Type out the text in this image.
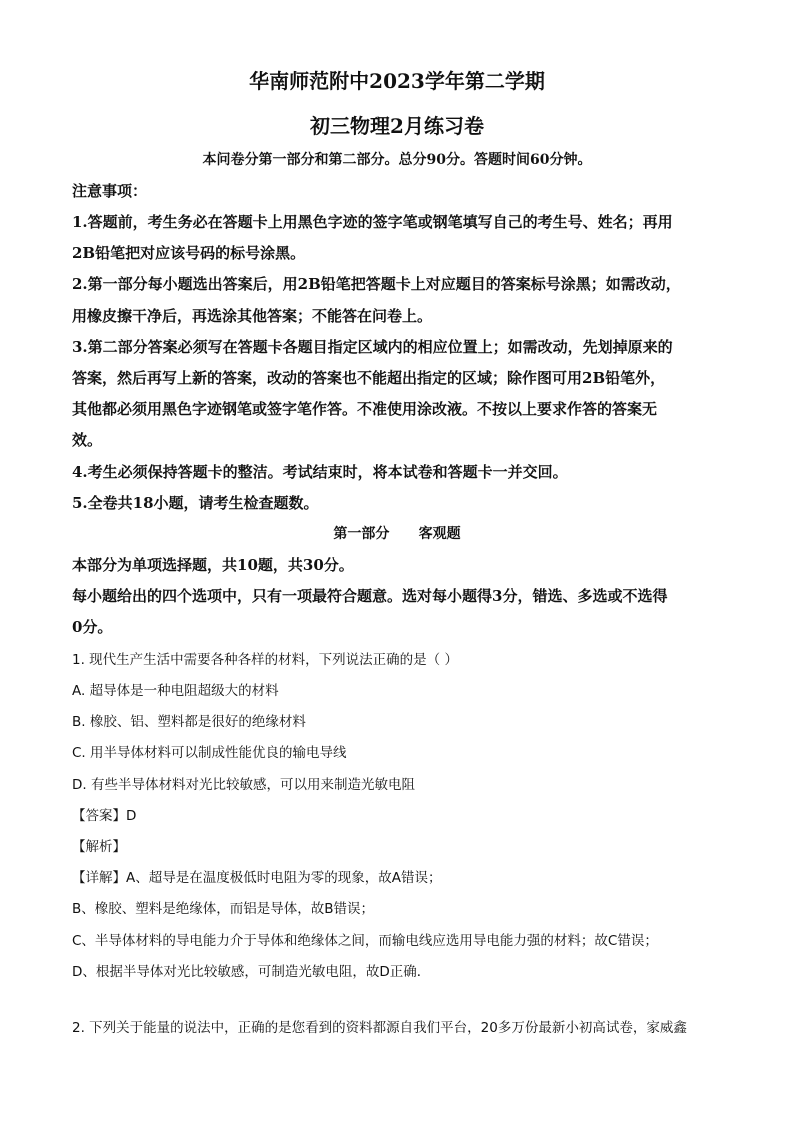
华南师范附中2023学年第二学期
初三物理2月练习卷
本问卷分第一部分和第二部分。总分90分。答题时间60分钟。
注意事项：
1.答题前，考生务必在答题卡上用黑色字迹的签字笔或钢笔填写自己的考生号、姓名；再用
2B铅笔把对应该号码的标号涂黑。
2.第一部分每小题选出答案后，用2B铅笔把答题卡上对应题目的答案标号涂黑；如需改动，
用橡皮擦干净后，再选涂其他答案；不能答在问卷上。
3.第二部分答案必须写在答题卡各题目指定区域内的相应位置上；如需改动，先划掉原来的
答案，然后再写上新的答案，改动的答案也不能超出指定的区域；除作图可用2B铅笔外，
其他都必须用黑色字迹钢笔或签字笔作答。不准使用涂改液。不按以上要求作答的答案无
效。
4.考生必须保持答题卡的整洁。考试结束时，将本试卷和答题卡一并交回。
5.全卷共18小题，请考生检查题数。
第一部分      客观题
本部分为单项选择题，共10题，共30分。
每小题给出的四个选项中，只有一项最符合题意。选对每小题得3分，错选、多选或不选得
0分。
1. 现代生产生活中需要各种各样的材料，下列说法正确的是（ ）
A. 超导体是一种电阻超级大的材料
B. 橡胶、铝、塑料都是很好的绝缘材料
C. 用半导体材料可以制成性能优良的输电导线
D. 有些半导体材料对光比较敏感，可以用来制造光敏电阻
【答案】D
【解析】
【详解】A、超导是在温度极低时电阻为零的现象，故A错误；
B、橡胶、塑料是绝缘体，而铝是导体，故B错误；
C、半导体材料的导电能力介于导体和绝缘体之间，而输电线应选用导电能力强的材料；故C错误；
D、根据半导体对光比较敏感，可制造光敏电阻，故D正确．
2. 下列关于能量的说法中，正确的是您看到的资料都源自我们平台，20多万份最新小初高试卷，家威鑫
